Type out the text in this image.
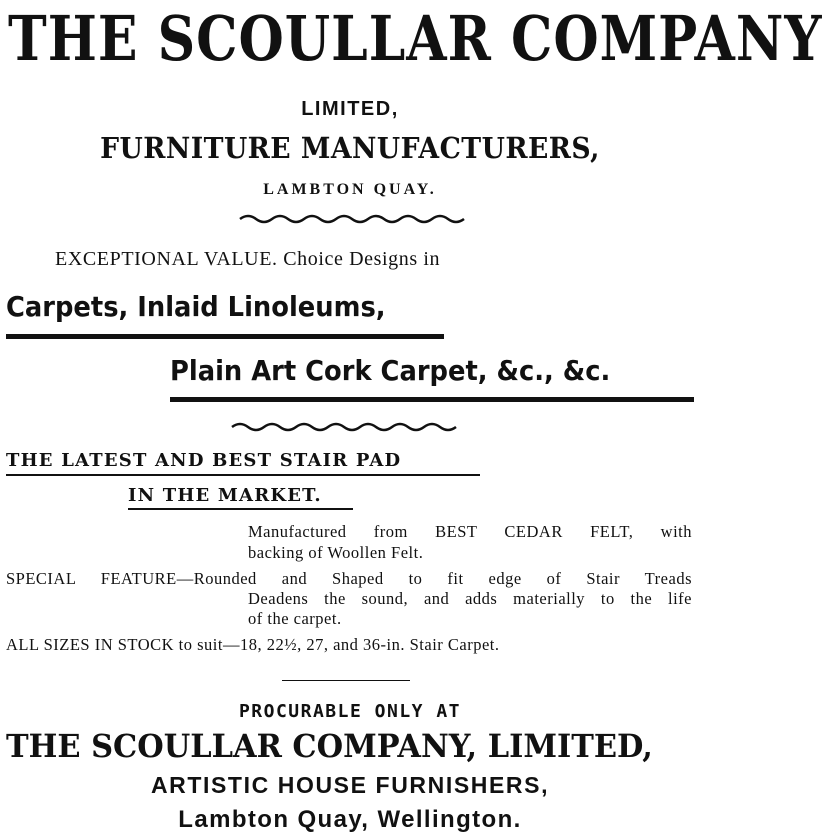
THE SCOULLAR COMPANY
LIMITED,
FURNITURE MANUFACTURERS,
LAMBTON QUAY.
EXCEPTIONAL VALUE. Choice Designs in
Carpets, Inlaid Linoleums,
Plain Art Cork Carpet, &c., &c.
THE LATEST AND BEST STAIR PAD
IN THE MARKET.
Manufactured from BEST CEDAR FELT, with
backing of Woollen Felt.
SPECIAL FEATURE—Rounded and Shaped to fit edge of Stair Treads
Deadens the sound, and adds materially to the life
of the carpet.
ALL SIZES IN STOCK to suit—18, 22½, 27, and 36-in. Stair Carpet.
PROCURABLE ONLY AT
THE SCOULLAR COMPANY, LIMITED,
ARTISTIC HOUSE FURNISHERS,
Lambton Quay, Wellington.
